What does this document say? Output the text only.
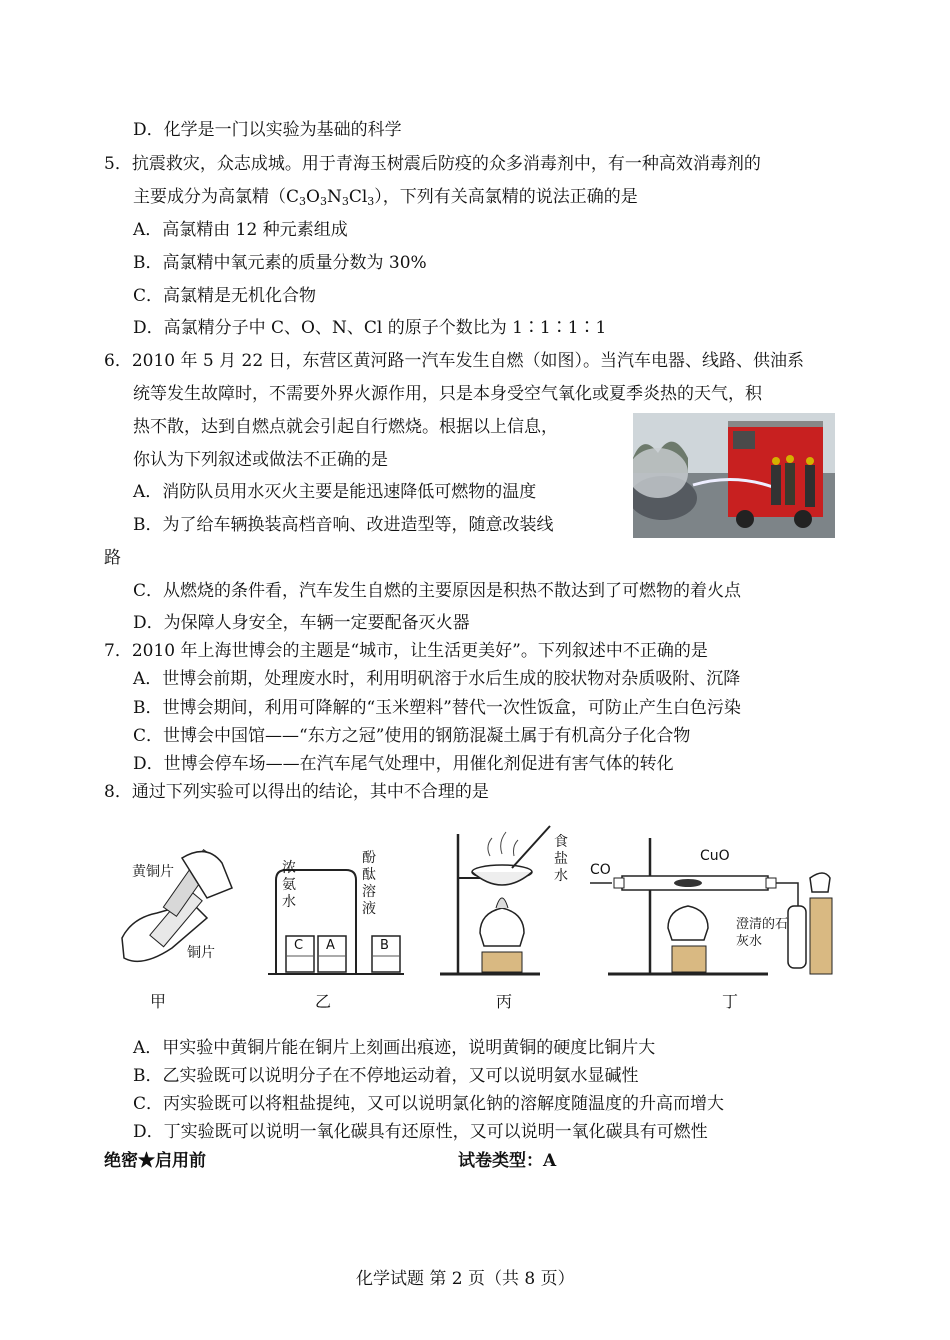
D．化学是一门以实验为基础的科学
5．抗震救灾，众志成城。用于青海玉树震后防疫的众多消毒剂中，有一种高效消毒剂的
主要成分为高氯精$(C_3O_3N_3Cl_3)$，下列有关高氯精的说法正确的是
A．高氯精由 12 种元素组成
B．高氯精中氧元素的质量分数为 30%
C．高氯精是无机化合物
D．高氯精分子中 C、O、N、Cl 的原子个数比为 1∶1∶1∶1
6．2010 年 5 月 22 日，东营区黄河路一汽车发生自燃（如图）。当汽车电器、线路、供油系
统等发生故障时，不需要外界火源作用，只是本身受空气氧化或夏季炎热的天气，积
热不散，达到自燃点就会引起自行燃烧。根据以上信息，
你认为下列叙述或做法不正确的是
A．消防队员用水灭火主要是能迅速降低可燃物的温度
B．为了给车辆换装高档音响、改进造型等，随意改装线
路
C．从燃烧的条件看，汽车发生自燃的主要原因是积热不散达到了可燃物的着火点
D．为保障人身安全，车辆一定要配备灭火器
7．2010 年上海世博会的主题是“城市，让生活更美好”。下列叙述中不正确的是
A．世博会前期，处理废水时，利用明矾溶于水后生成的胶状物对杂质吸附、沉降
B．世博会期间，利用可降解的“玉米塑料”替代一次性饭盒，可防止产生白色污染
C．世博会中国馆——“东方之冠”使用的钢筋混凝土属于有机高分子化合物
D．世博会停车场——在汽车尾气处理中，用催化剂促进有害气体的转化
8．通过下列实验可以得出的结论，其中不合理的是
黄铜片
铜片
甲
浓氨水
酚酞溶液
C A	B
乙
食盐水
丙
CO
CuO
澄清的石灰水
丁
A．甲实验中黄铜片能在铜片上刻画出痕迹，说明黄铜的硬度比铜片大
B．乙实验既可以说明分子在不停地运动着，又可以说明氨水显碱性
C．丙实验既可以将粗盐提纯，又可以说明氯化钠的溶解度随温度的升高而增大
D．丁实验既可以说明一氧化碳具有还原性，又可以说明一氧化碳具有可燃性
绝密★启用前	试卷类型：A
化学试题 第 2 页（共 8 页）
